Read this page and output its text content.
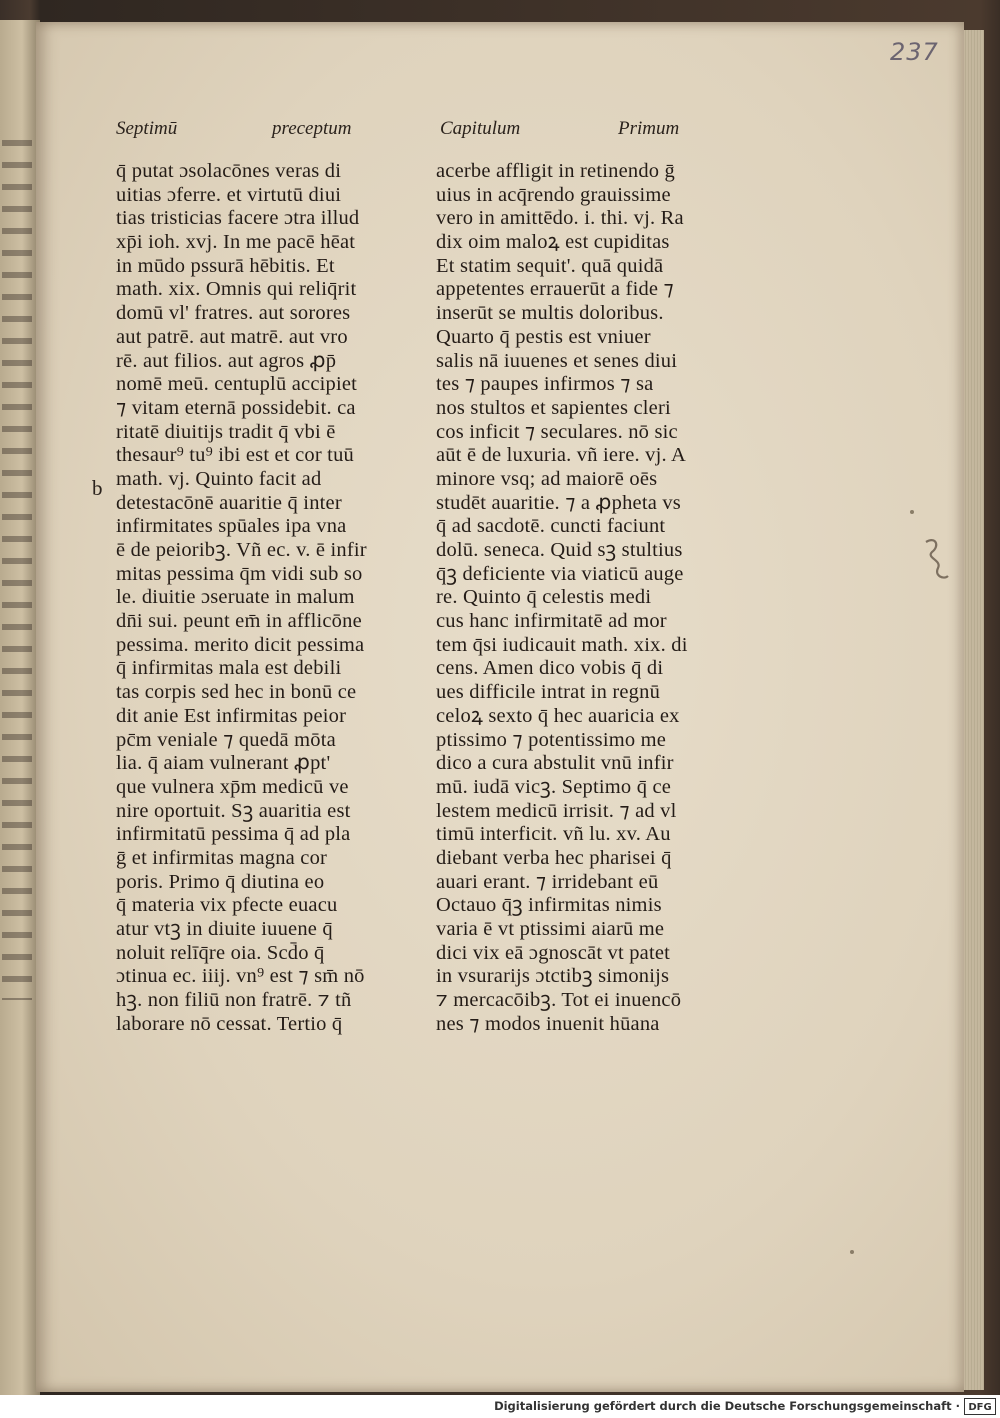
237
Septimū	preceptum	Capitulum	Primum
b
q̄ putat ɔsolacōnes veras di
uitias ɔferre. et virtutū diui
tias tristicias facere ɔtra illud
xp̄i ioh. xvj. In me pacē hēat
in mūdo pssurā hēbitis. Et
math. xix. Omnis qui reliq̄rit
domū vl' fratres. aut sorores
aut patrē. aut matrē. aut vro
rē. aut filios. aut agros ꝓp̄
nomē meū. centuplū accipiet
⁊ vitam eternā possidebit. ca
ritatē diuitijs tradit q̄ vbi ē
thesaur⁹ tu⁹ ibi est et cor tuū
math. vj. Quinto facit ad
detestacōnē auaritie q̄ inter
infirmitates spūales ipa vna
ē de peioribꝫ. Vñ ec. v. ē infir
mitas pessima q̄m vidi sub so
le. diuitie ɔseruate in malum
dn̄i sui. peunt em̄ in afflicōne
pessima. merito dicit pessima
q̄ infirmitas mala est debili
tas corpis sed hec in bonū ce
dit anie Est infirmitas peior
pc̄m veniale ⁊ quedā mōta
lia. q̄ aiam vulnerant ꝓpt'
que vulnera xp̄m medicū ve
nire oportuit. Sꝫ auaritia est
infirmitatū pessima q̄ ad pla
ḡ et infirmitas magna cor
poris. Primo q̄ diutina eo
q̄ materia vix pfecte euacu
atur vtꝫ in diuite iuuene q̄
noluit relīq̄re oia. Scd̄o q̄
ɔtinua ec. iiij. vn⁹ est ⁊ sm̄ nō
hꝫ. non filiū non fratrē. ⁊ tñ
laborare nō cessat. Tertio q̄
acerbe affligit in retinendo ḡ
uius in acq̄rendo grauissime
vero in amittēdo. i. thi. vj. Ra
dix oim maloꝝ est cupiditas
Et statim sequit'. quā quidā
appetentes errauerūt a fide ⁊
inserūt se multis doloribus.
Quarto q̄ pestis est vniuer
salis nā iuuenes et senes diui
tes ⁊ paupes infirmos ⁊ sa
nos stultos et sapientes cleri
cos inficit ⁊ seculares. nō sic
aūt ē de luxuria. vñ iere. vj. A
minore vsq; ad maiorē oēs
studēt auaritie. ⁊ a ꝓpheta vs
q̄ ad sacdotē. cuncti faciunt
dolū. seneca. Quid sꝫ stultius
q̄ꝫ deficiente via viaticū auge
re. Quinto q̄ celestis medi
cus hanc infirmitatē ad mor
tem q̄si iudicauit math. xix. di
cens. Amen dico vobis q̄ di
ues difficile intrat in regnū
celoꝝ sexto q̄ hec auaricia ex
ptissimo ⁊ potentissimo me
dico a cura abstulit vnū infir
mū. iudā vicꝫ. Septimo q̄ ce
lestem medicū irrisit. ⁊ ad vl
timū interficit. vñ lu. xv. Au
diebant verba hec pharisei q̄
auari erant. ⁊ irridebant eū
Octauo q̄ꝫ infirmitas nimis
varia ē vt ptissimi aiarū me
dici vix eā ɔgnoscāt vt patet
in vsurarijs ɔtctibꝫ simonijs
⁊ mercacōibꝫ. Tot ei inuencō
nes ⁊ modos inuenit hūana
Digitalisierung gefördert durch die Deutsche Forschungsgemeinschaft · DFG
